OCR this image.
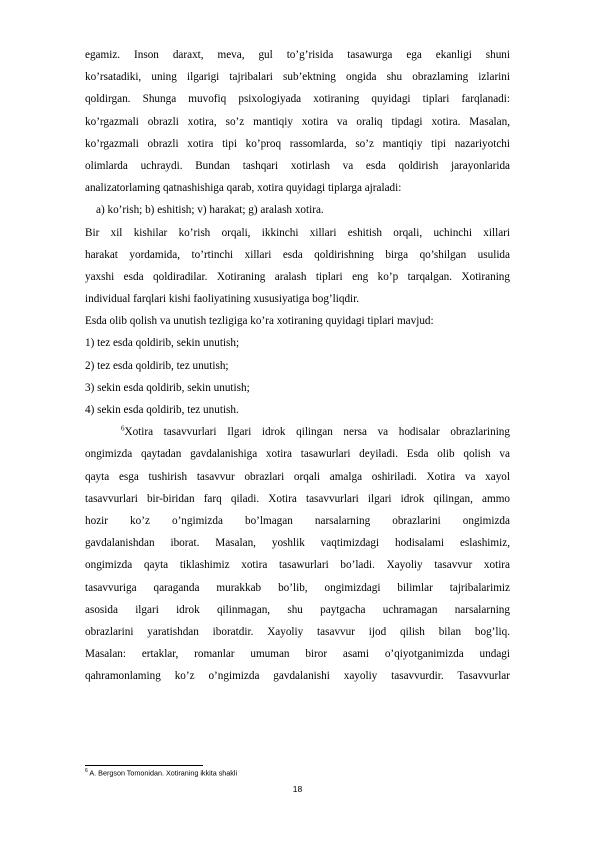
egamiz. Inson daraxt, meva, gul to’g’risida tasawurga ega ekanligi shuni
ko’rsatadiki, uning ilgarigi tajribalari sub’ektning ongida shu obrazlaming izlarini
qoldirgan. Shunga muvofiq psixologiyada xotiraning quyidagi tiplari farqlanadi:
ko’rgazmali obrazli xotira, so’z mantiqiy xotira va oraliq tipdagi xotira. Masalan,
ko’rgazmali obrazli xotira tipi ko’proq rassomlarda, so’z mantiqiy tipi nazariyotchi
olimlarda uchraydi. Bundan tashqari xotirlash va esda qoldirish jarayonlarida
analizatorlaming qatnashishiga qarab, xotira quyidagi tiplarga ajraladi:
a) ko’rish; b) eshitish; v) harakat; g) aralash xotira.
Bir xil kishilar ko’rish orqali, ikkinchi xillari eshitish orqali, uchinchi xillari
harakat yordamida, to’rtinchi xillari esda qoldirishning birga qo’shilgan usulida
yaxshi esda qoldiradilar. Xotiraning aralash tiplari eng ko’p tarqalgan. Xotiraning
individual farqlari kishi faoliyatining xususiyatiga bog’liqdir.
Esda olib qolish va unutish tezligiga ko’ra xotiraning quyidagi tiplari mavjud:
1) tez esda qoldirib, sekin unutish;
2) tez esda qoldirib, tez unutish;
3) sekin esda qoldirib, sekin unutish;
4) sekin esda qoldirib, tez unutish.
$^6$Xotira tasavvurlari Ilgari idrok qilingan nersa va hodisalar obrazlarining
ongimizda qaytadan gavdalanishiga xotira tasawurlari deyiladi. Esda olib qolish va
qayta esga tushirish tasavvur obrazlari orqali amalga oshiriladi. Xotira va xayol
tasavvurlari bir-biridan farq qiladi. Xotira tasavvurlari ilgari idrok qilingan, ammo
hozir ko’z o’ngimizda bo’lmagan narsalarning obrazlarini ongimizda
gavdalanishdan iborat. Masalan, yoshlik vaqtimizdagi hodisalami eslashimiz,
ongimizda qayta tiklashimiz xotira tasawurlari bo’ladi. Xayoliy tasavvur xotira
tasavvuriga qaraganda murakkab bo’lib, ongimizdagi bilimlar tajribalarimiz
asosida ilgari idrok qilinmagan, shu paytgacha uchramagan narsalarning
obrazlarini yaratishdan iboratdir. Xayoliy tasavvur ijod qilish bilan bog’liq.
Masalan: ertaklar, romanlar umuman biror asami o’qiyotganimizda undagi
qahramonlaming ko’z o’ngimizda gavdalanishi xayoliy tasavvurdir. Tasavvurlar
$^6$ A. Bergson Tomonidan. Xotiraning ikkita shakli
18
